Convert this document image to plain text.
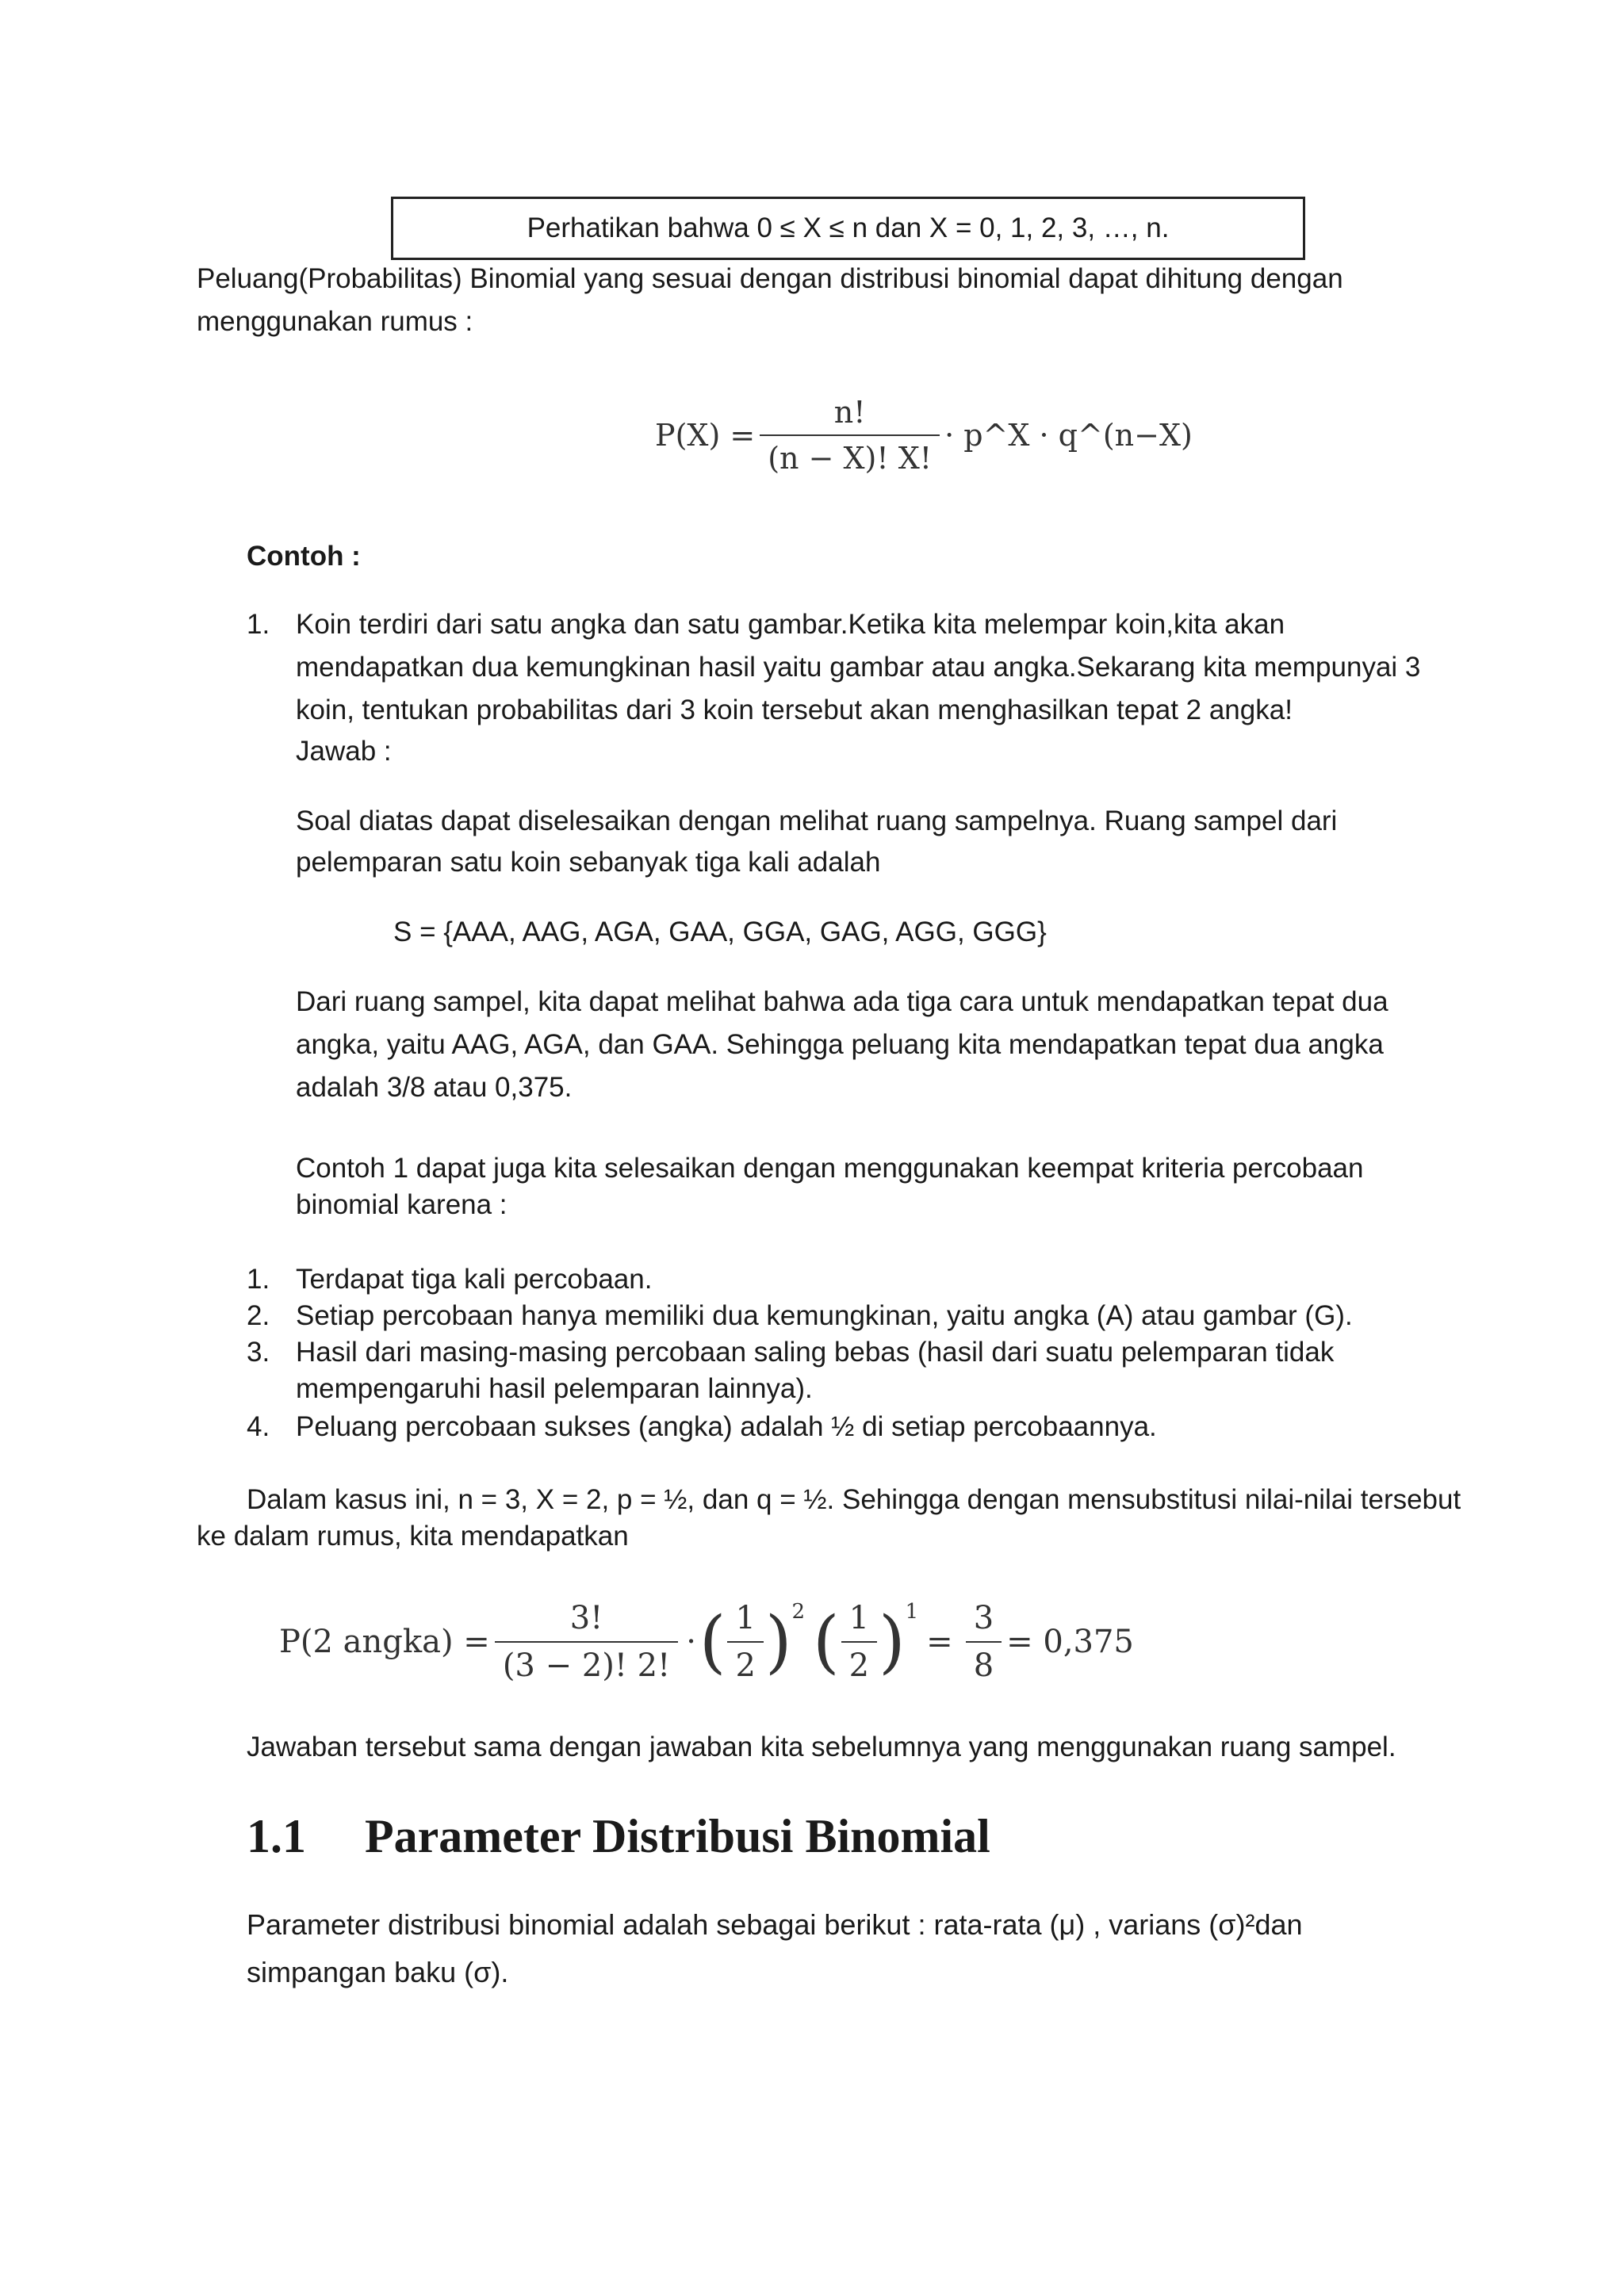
Perhatikan bahwa 0 ≤ X ≤ n dan X = 0, 1, 2, 3, …, n.
Peluang(Probabilitas) Binomial yang sesuai dengan distribusi binomial dapat dihitung dengan
menggunakan rumus :
$P(X) = \frac{n!}{(n - X)! X!}$ · p^X · q^(n−X)
Contoh :
1. Koin terdiri dari satu angka dan satu gambar.Ketika kita melempar koin,kita akan
mendapatkan dua kemungkinan hasil yaitu gambar atau angka.Sekarang kita mempunyai 3
koin, tentukan probabilitas dari 3 koin tersebut akan menghasilkan tepat 2 angka!
Jawab :
Soal diatas dapat diselesaikan dengan melihat ruang sampelnya. Ruang sampel dari
pelemparan satu koin sebanyak tiga kali adalah
S = {AAA, AAG, AGA, GAA, GGA, GAG, AGG, GGG}
Dari ruang sampel, kita dapat melihat bahwa ada tiga cara untuk mendapatkan tepat dua
angka, yaitu AAG, AGA, dan GAA. Sehingga peluang kita mendapatkan tepat dua angka
adalah 3/8 atau 0,375.
Contoh 1 dapat juga kita selesaikan dengan menggunakan keempat kriteria percobaan
binomial karena :
1. Terdapat tiga kali percobaan.
2. Setiap percobaan hanya memiliki dua kemungkinan, yaitu angka (A) atau gambar (G).
3. Hasil dari masing-masing percobaan saling bebas (hasil dari suatu pelemparan tidak
mempengaruhi hasil pelemparan lainnya).
4. Peluang percobaan sukses (angka) adalah ½ di setiap percobaannya.
Dalam kasus ini, n = 3, X = 2, p = ½, dan q = ½. Sehingga dengan mensubstitusi nilai-nilai tersebut
ke dalam rumus, kita mendapatkan
P(2 angka) = $\frac{3!}{(3 - 2)! 2!}$ · ( $\frac{1}{2}$ ) 2 ( $\frac{1}{2}$ ) 1
= $\frac{3}{8} = 0,375$
Jawaban tersebut sama dengan jawaban kita sebelumnya yang menggunakan ruang sampel.
1.1 Parameter Distribusi Binomial
Parameter distribusi binomial adalah sebagai berikut : rata-rata (μ) , varians (σ)²dan
simpangan baku (σ).
